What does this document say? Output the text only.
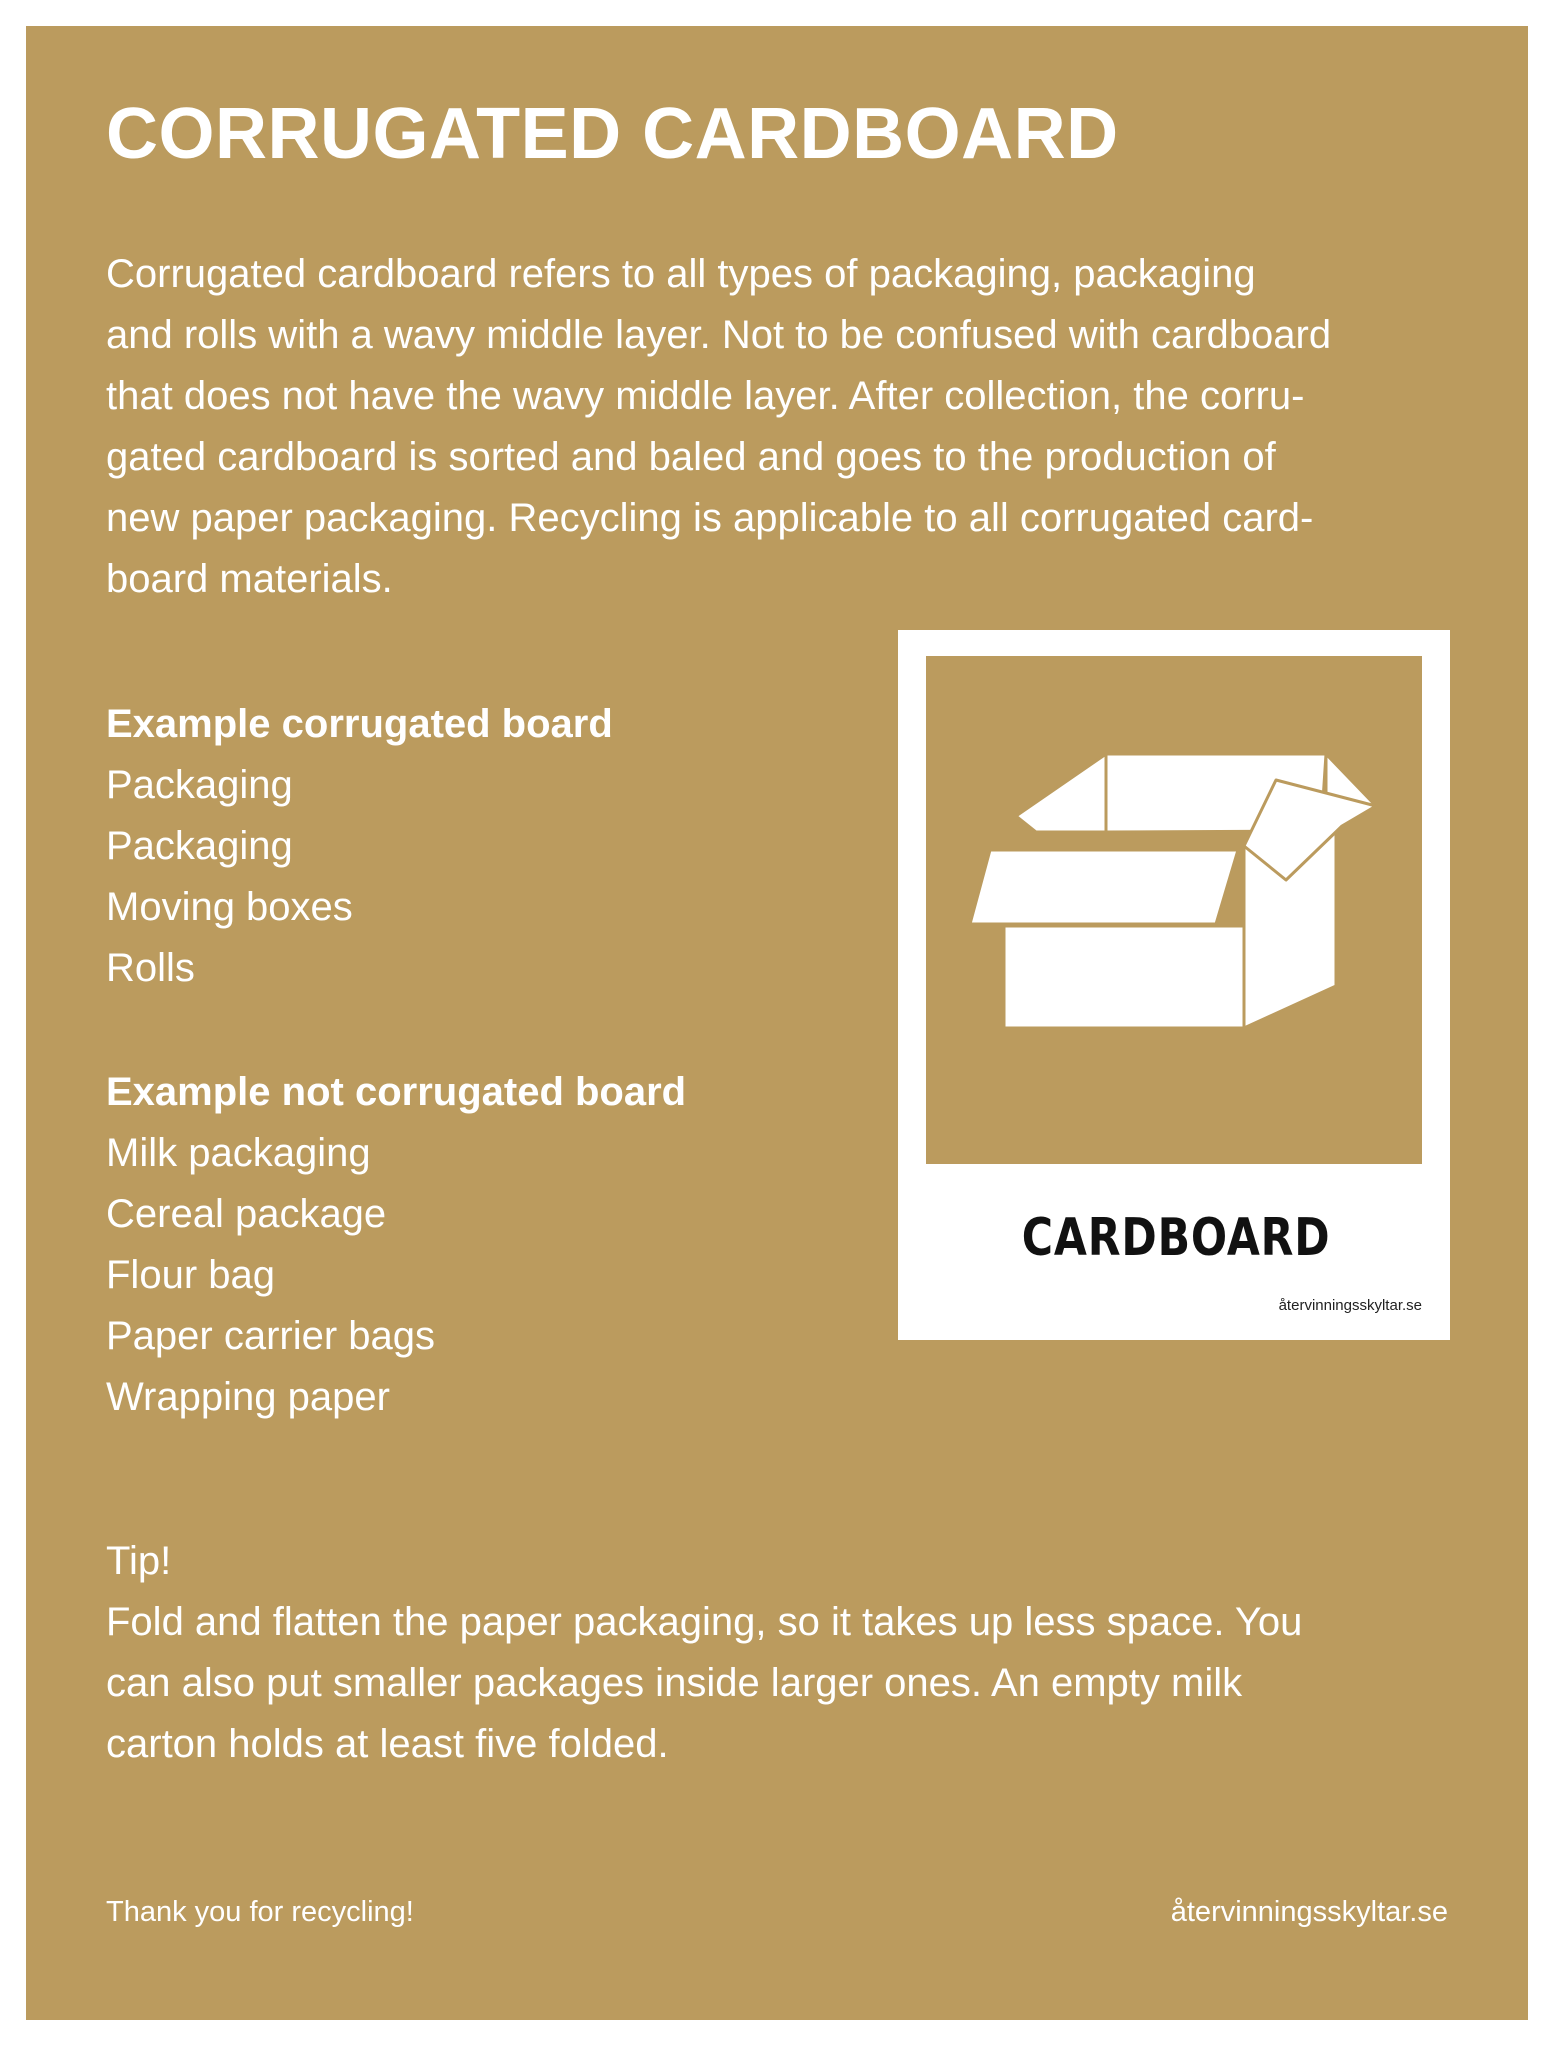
CORRUGATED CARDBOARD

Corrugated cardboard refers to all types of packaging, packaging
and rolls with a wavy middle layer. Not to be confused with cardboard
that does not have the wavy middle layer. After collection, the corru-
gated cardboard is sorted and baled and goes to the production of
new paper packaging. Recycling is applicable to all corrugated card-
board materials.

Example corrugated board
Packaging
Packaging
Moving boxes
Rolls
Example not corrugated board
Milk packaging
Cereal package
Flour bag
Paper carrier bags
Wrapping paper
CARDBOARD
återvinningsskyltar.se

Tip!
Fold and flatten the paper packaging, so it takes up less space. You
can also put smaller packages inside larger ones. An empty milk
carton holds at least five folded.

Thank you for recycling!	återvinningsskyltar.se
